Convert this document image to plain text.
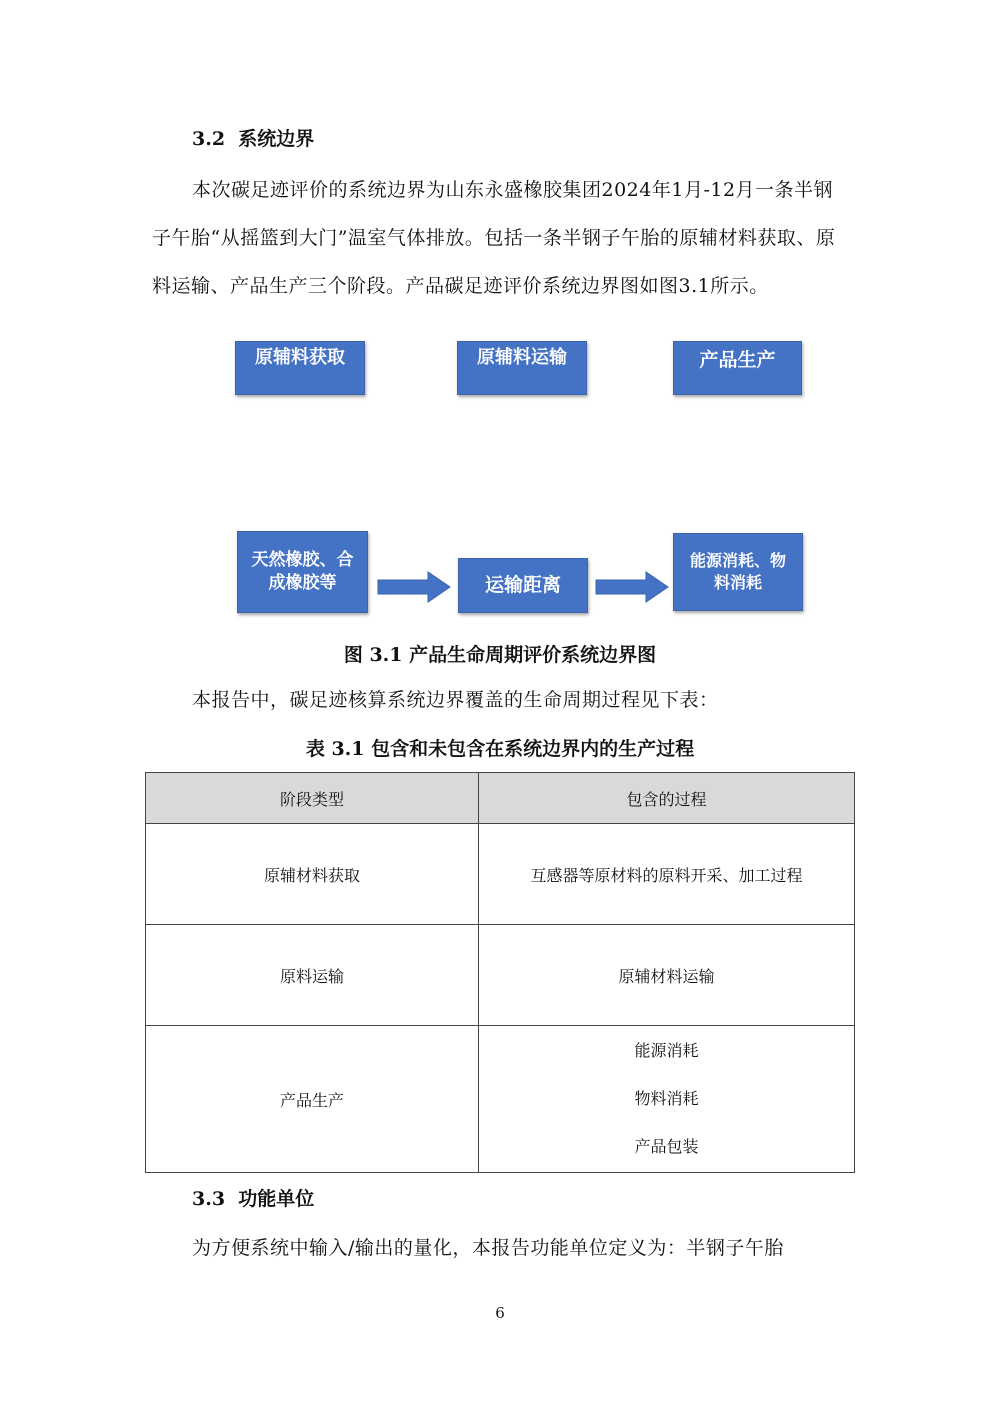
3.2 系统边界
本次碳足迹评价的系统边界为山东永盛橡胶集团2024年1月-12月一条半钢子午胎“从摇篮到大门”温室气体排放。包括一条半钢子午胎的原辅材料获取、原料运输、产品生产三个阶段。产品碳足迹评价系统边界图如图3.1所示。
原辅料获取	原辅料运输	产品生产
天然橡胶、合成橡胶等	运输距离
能源消耗、物料消耗
图 3.1 产品生命周期评价系统边界图
本报告中，碳足迹核算系统边界覆盖的生命周期过程见下表：
表 3.1 包含和未包含在系统边界内的生产过程
阶段类型	包含的过程
原辅材料获取	互感器等原材料的原料开采、加工过程
原料运输	原辅材料运输
产品生产	能源消耗
物料消耗
产品包装
3.3 功能单位
为方便系统中输入/输出的量化，本报告功能单位定义为：半钢子午胎
6
